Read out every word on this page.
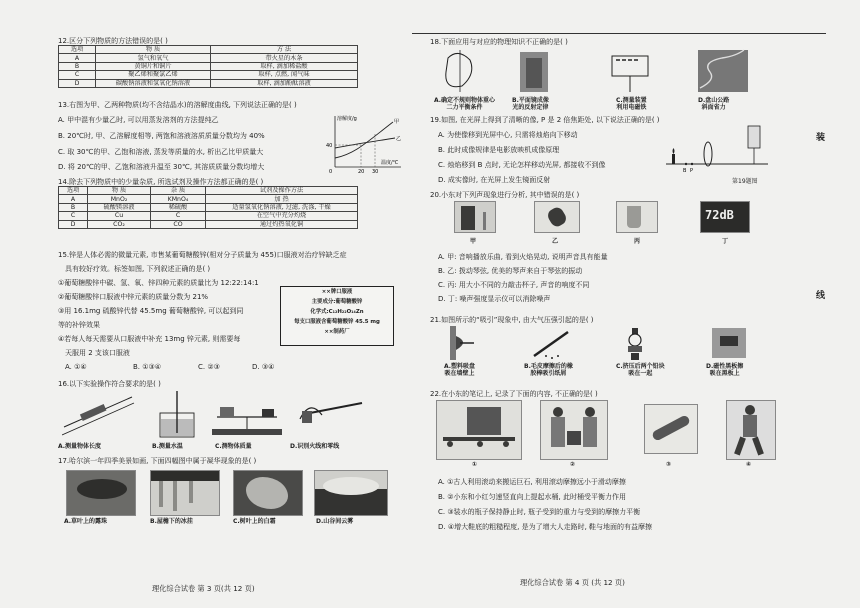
12.区分下列物质的方法错误的是( )
选项	物 质	方 法
A	氢气和氧气	带火星的木条
B	黄铜片和铜片	取样, 滴加稀盐酸
C	聚乙烯和聚氯乙烯	取样, 点燃, 闻气味
D	碳酸钠溶液和氢氧化钠溶液	取样, 滴加酚酞溶液
13.右图为甲、乙两种物质(均不含结晶水)的溶解度曲线, 下列说法正确的是( )
A. 甲中混有少量乙时, 可以用蒸发溶剂的方法提纯乙
B. 20℃时, 甲、乙溶解度相等, 两饱和溶液溶质质量分数均为 40%
C. 取 30℃的甲、乙饱和溶液, 蒸发等质量的水, 析出乙比甲质量大
D. 将 20℃的甲、乙饱和溶液升温至 30℃, 其溶质质量分数均增大
溶解度/g
40
0	20 30
温度/℃
甲
乙
14.除去下列物质中的少量杂质, 所选试剂及操作方法都正确的是( )
选项	物 质	杂 质	试剂及操作方法
A	MnO₂	KMnO₄	加 热
B	硫酸镁溶液	稀硫酸	适量氢氧化钠溶液, 过滤, 洗涤, 干燥
C	Cu	C	在空气中充分灼烧
D	CO₂	CO	通过灼热氧化铜
15.锌是人体必需的微量元素, 市售某葡萄糖酸锌(相对分子质量为 455)口服液对治疗锌缺乏症
具有较好疗效。标签如图, 下列叙述正确的是( )
①葡萄糖酸锌中碳、氢、氧、锌四种元素的质量比为 12:22:14:1
②葡萄糖酸锌口服液中锌元素的质量分数为 21%
③用 16.1mg 硫酸锌代替 45.5mg 葡萄糖酸锌, 可以起到同
等的补锌效果
④若每人每天需要从口服液中补充 13mg 锌元素, 则需要每
天服用 2 支该口服液
A. ①④	B. ①③④	C. ②③	D. ③④
××牌口服液
主要成分:葡萄糖酸锌
化学式:C₁₂H₂₂O₁₄Zn
每支口服液含葡萄糖酸锌 45.5 mg
××制药厂
16.以下实验操作符合要求的是( )
A.测量物体长度	B.测量水温	C.测物体质量	D.识别火线和零线
17.哈尔滨一年四季美景如画, 下面四幅图中属于凝华现象的是( )
A.草叶上的露珠	B.屋檐下的冰挂	C.树叶上的白霜	D.山谷间云雾
理化综合试卷 第 3 页(共 12 页)
18.下面应用与对应的物理知识不正确的是( )
A.确定不规则物体重心
二力平衡条件
B.平面镜成像
光的反射定律
C.测量装置
利用电磁铁
D.盘山公路
斜面省力
19.如图, 在光屏上得到了清晰的像, P 是 2 倍焦距处, 以下说法正确的是( )
A. 为使像移到光屏中心, 只需将烛焰向下移动
B. 此时成像规律是电影放映机成像原理
C. 烛焰移到 B 点时, 无论怎样移动光屏, 都接收不到像
D. 成实像时, 在光屏上发生镜面反射
B P
第19题图
20.小东对下列声现象进行分析, 其中错误的是( )
72dB
甲	乙	丙	丁
A. 甲: 音响播放乐曲, 看到火焰晃动, 说明声音具有能量
B. 乙: 拨动琴弦, 优美的琴声来自于琴弦的振动
C. 丙: 用大小不同的力敲击杯子, 声音的响度不同
D. 丁: 噪声强度显示仪可以消除噪声
21.如图所示的“吸引”现象中, 由大气压强引起的是( )
A.塑料吸盘
吸在墙壁上
B.毛皮摩擦后的橡
胶棒吸引纸屑
C.挤压后两个铅块
吸在一起
D.磁性黑板擦
吸在黑板上
22.在小东的笔记上, 记录了下面的内容, 不正确的是( )
①	②	③	④
A. ①古人利用滚动来搬运巨石, 利用滚动摩擦远小于滑动摩擦
B. ②小东和小红匀速竖直向上提起水桶, 此时桶受平衡力作用
C. ③装水的瓶子保持静止时, 瓶子受到的重力与受到的摩擦力平衡
D. ④增大鞋底的粗糙程度, 是为了增大人走路时, 鞋与地面的有益摩擦
理化综合试卷 第 4 页 (共 12 页)
装
线
